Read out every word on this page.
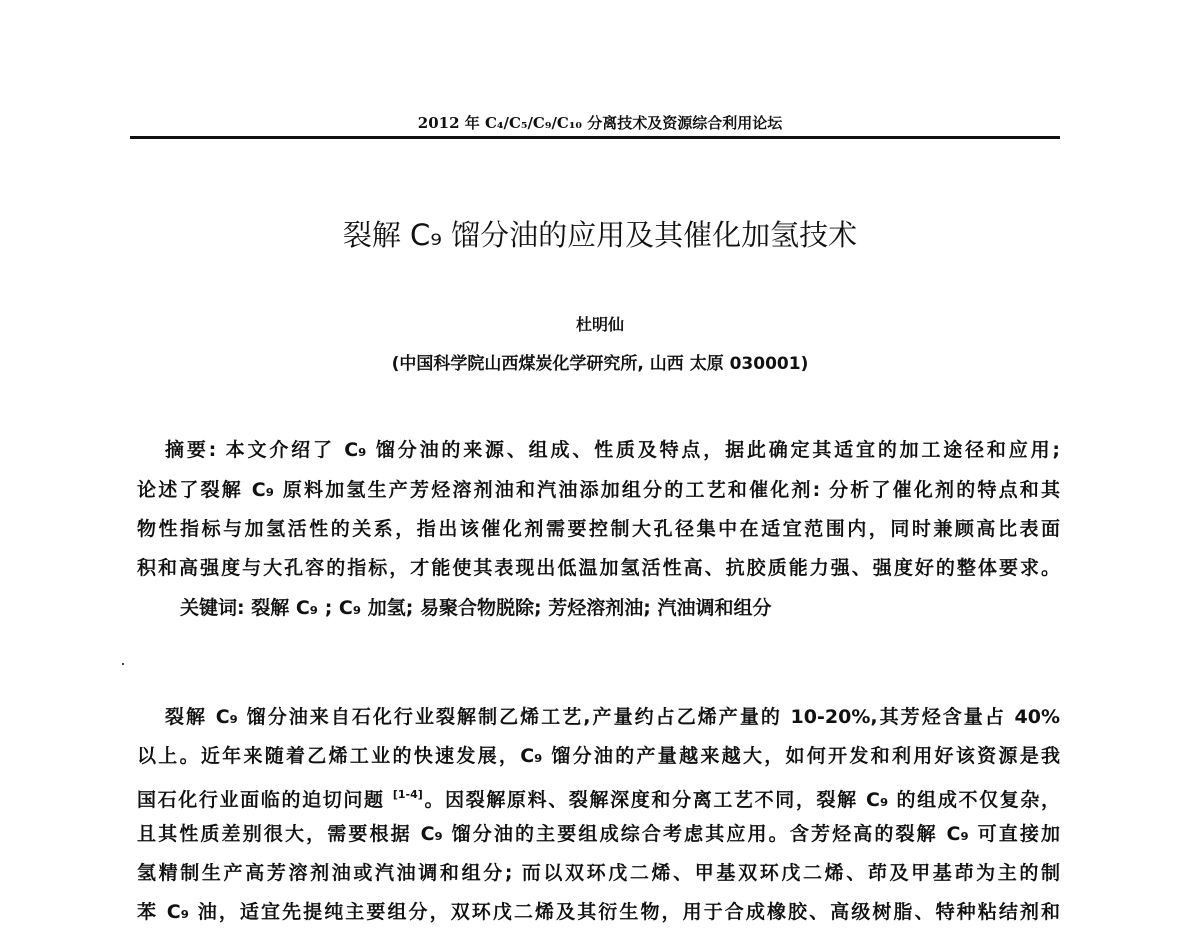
2012 年 C₄/C₅/C₉/C₁₀ 分离技术及资源综合利用论坛
裂解 C₉ 馏分油的应用及其催化加氢技术
杜明仙
(中国科学院山西煤炭化学研究所, 山西 太原 030001)
摘要: 本文介绍了 C₉ 馏分油的来源、组成、性质及特点，据此确定其适宜的加工途径和应用;
论述了裂解 C₉ 原料加氢生产芳烃溶剂油和汽油添加组分的工艺和催化剂: 分析了催化剂的特点和其
物性指标与加氢活性的关系，指出该催化剂需要控制大孔径集中在适宜范围内，同时兼顾高比表面
积和高强度与大孔容的指标，才能使其表现出低温加氢活性高、抗胶质能力强、强度好的整体要求。
关键词: 裂解 C₉ ; C₉ 加氢; 易聚合物脱除; 芳烃溶剂油; 汽油调和组分
裂解 C₉ 馏分油来自石化行业裂解制乙烯工艺,产量约占乙烯产量的 10-20%,其芳烃含量占 40%
以上。近年来随着乙烯工业的快速发展，C₉ 馏分油的产量越来越大，如何开发和利用好该资源是我
国石化行业面临的迫切问题 [1-4]。因裂解原料、裂解深度和分离工艺不同，裂解 C₉ 的组成不仅复杂，
且其性质差别很大，需要根据 C₉ 馏分油的主要组成综合考虑其应用。含芳烃高的裂解 C₉ 可直接加
氢精制生产高芳溶剂油或汽油调和组分; 而以双环戊二烯、甲基双环戊二烯、茚及甲基茚为主的制
苯 C₉ 油，适宜先提纯主要组分，双环戊二烯及其衍生物，用于合成橡胶、高级树脂、特种粘结剂和
